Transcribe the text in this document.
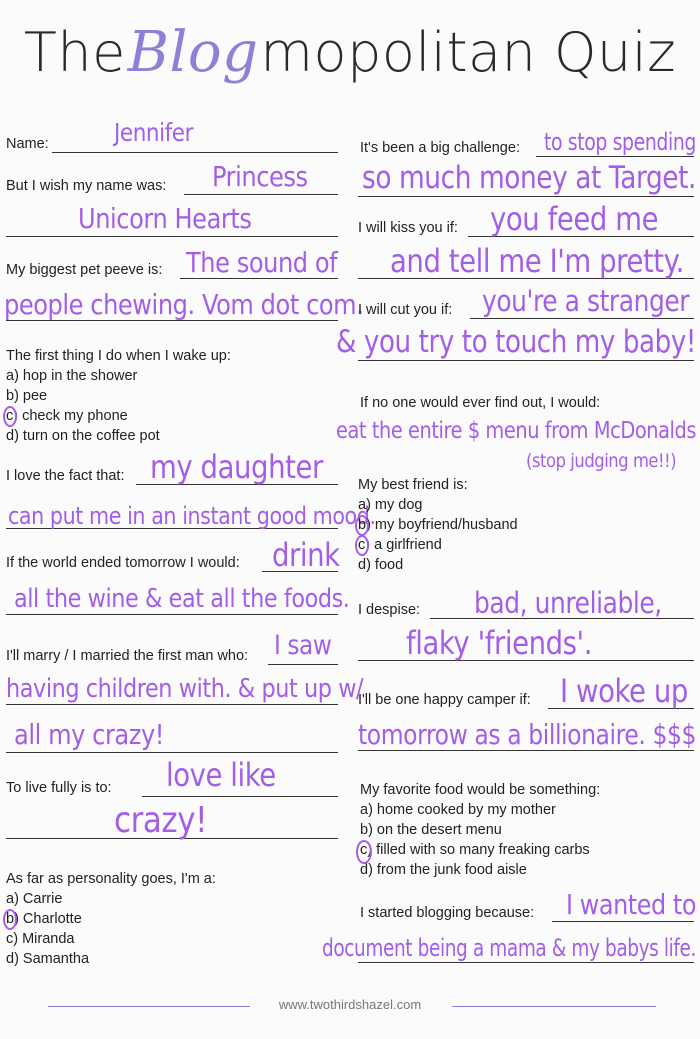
TheBlogmopolitan Quiz
Name:	Jennifer
But I wish my name was: Princess
Unicorn Hearts
My biggest pet peeve is: The sound of
people chewing. Vom dot com.
The first thing I do when I wake up:
a) hop in the shower
b) pee
c) check my phone
d) turn on the coffee pot
I love the fact that: my daughter
can put me in an instant good mood.
If the world ended tomorrow I would: drink
all the wine & eat all the foods.
I'll marry / I married the first man who: I saw
having children with. & put up w/
all my crazy!
To live fully is to: love like
crazy!
As far as personality goes, I'm a:
a) Carrie
b) Charlotte
c) Miranda
d) Samantha
It's been a big challenge: to stop spending
so much money at Target.
I will kiss you if: you feed me
and tell me I'm pretty.
I will cut you if: you're a stranger
& you try to touch my baby!
If no one would ever find out, I would:
eat the entire $ menu from McDonalds
(stop judging me!!)
My best friend is:
a) my dog
b) my boyfriend/husband
c) a girlfriend
d) food
I despise: bad, unreliable,
flaky 'friends'.
I'll be one happy camper if: I woke up
tomorrow as a billionaire. $$$
My favorite food would be something:
a) home cooked by my mother
b) on the desert menu
c) filled with so many freaking carbs
d) from the junk food aisle
I started blogging because: I wanted to
document being a mama & my babys life.
www.twothirdshazel.com
